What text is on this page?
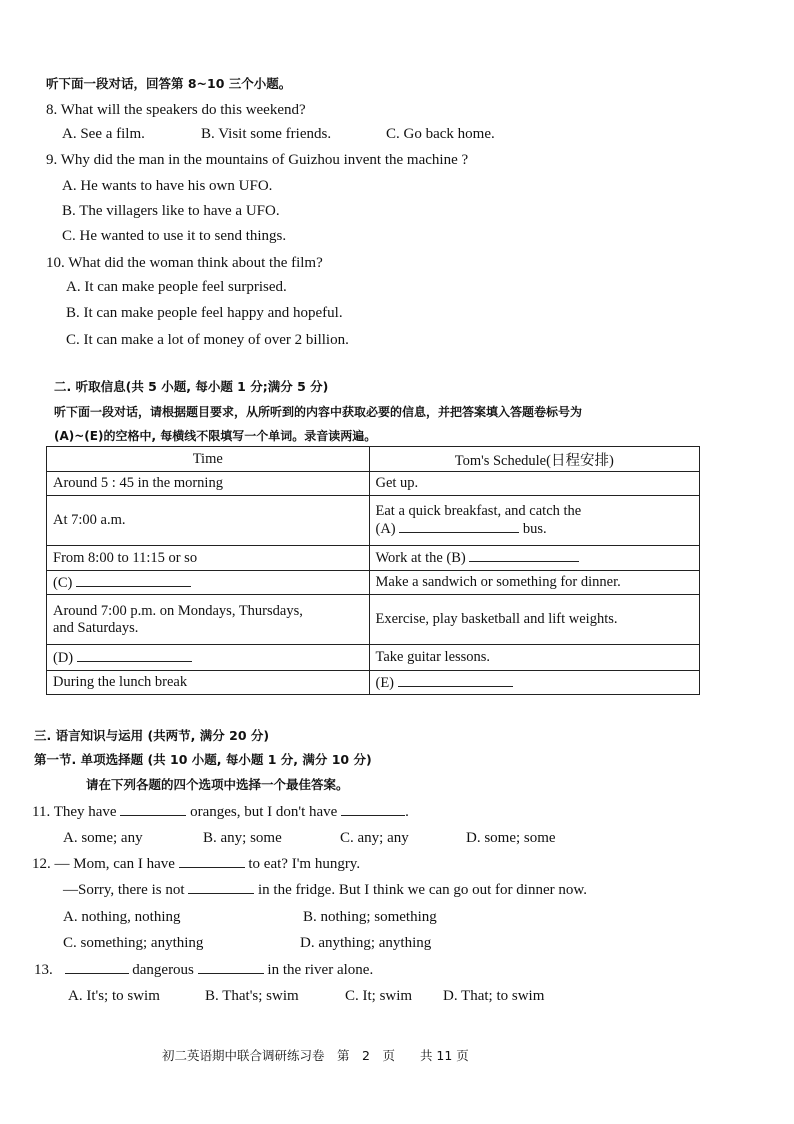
听下面一段对话，回答第 8~10 三个小题。
8. What will the speakers do this weekend?
A. See a film.	B. Visit some friends.	C. Go back home.
9. Why did the man in the mountains of Guizhou invent the machine ?
A. He wants to have his own UFO.
B. The villagers like to have a UFO.
C. He wanted to use it to send things.
10. What did the woman think about the film?
A. It can make people feel surprised.
B. It can make people feel happy and hopeful.
C. It can make a lot of money of over 2 billion.
二. 听取信息(共 5 小题, 每小题 1 分;满分 5 分)
听下面一段对话，请根据题目要求，从所听到的内容中获取必要的信息，并把答案填入答题卷标号为
(A)~(E)的空格中, 每横线不限填写一个单词。录音读两遍。
Time	Tom's Schedule(日程安排)
Around 5 : 45 in the morning	Get up.
At 7:00 a.m.	Eat a quick breakfast, and catch the
(A) bus.

From 8:00 to 11:15 or so	Work at the (B)
(C)	Make a sandwich or something for dinner.

Around 7:00 p.m. on Mondays, Thursdays,
and Saturdays.	Exercise, play basketball and lift weights.
(D)	Take guitar lessons.
During the lunch break	(E)
三. 语言知识与运用 (共两节, 满分 20 分)
第一节. 单项选择题 (共 10 小题, 每小题 1 分, 满分 10 分)
请在下列各题的四个选项中选择一个最佳答案。
11. They have	oranges, but I don't have	.
A. some; any	B. any; some	C. any; any	D. some; some
12. — Mom, can I have	to eat? I'm hungry.
—Sorry, there is not	in the fridge. But I think we can go out for dinner now.
A. nothing, nothing	B. nothing; something
C. something; anything	D. anything; anything
13.	dangerous	in the river alone.
A. It's; to swim	B. That's; swim	C. It; swim D. That; to swim
初二英语期中联合调研练习卷　第　2　页　　共 11 页
